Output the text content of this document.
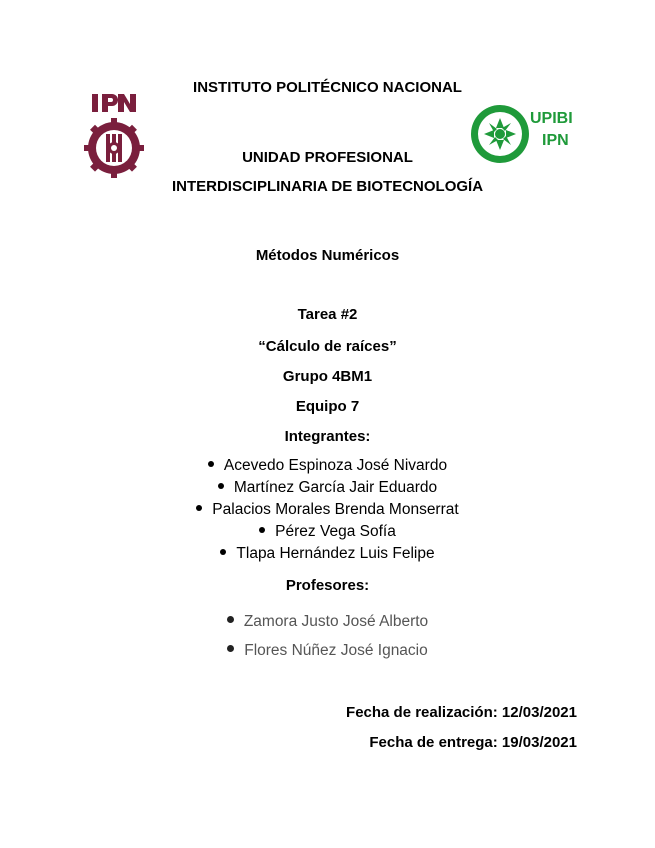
UPIBI
IPN
INSTITUTO POLITÉCNICO NACIONAL
UNIDAD PROFESIONAL
INTERDISCIPLINARIA DE BIOTECNOLOGÍA
Métodos Numéricos
Tarea #2
“Cálculo de raíces”
Grupo 4BM1
Equipo 7
Integrantes:
Acevedo Espinoza José Nivardo
Martínez García Jair Eduardo
Palacios Morales Brenda Monserrat
Pérez Vega Sofía
Tlapa Hernández Luis Felipe
Profesores:
Zamora Justo José Alberto
Flores Núñez José Ignacio
Fecha de realización: 12/03/2021
Fecha de entrega: 19/03/2021
